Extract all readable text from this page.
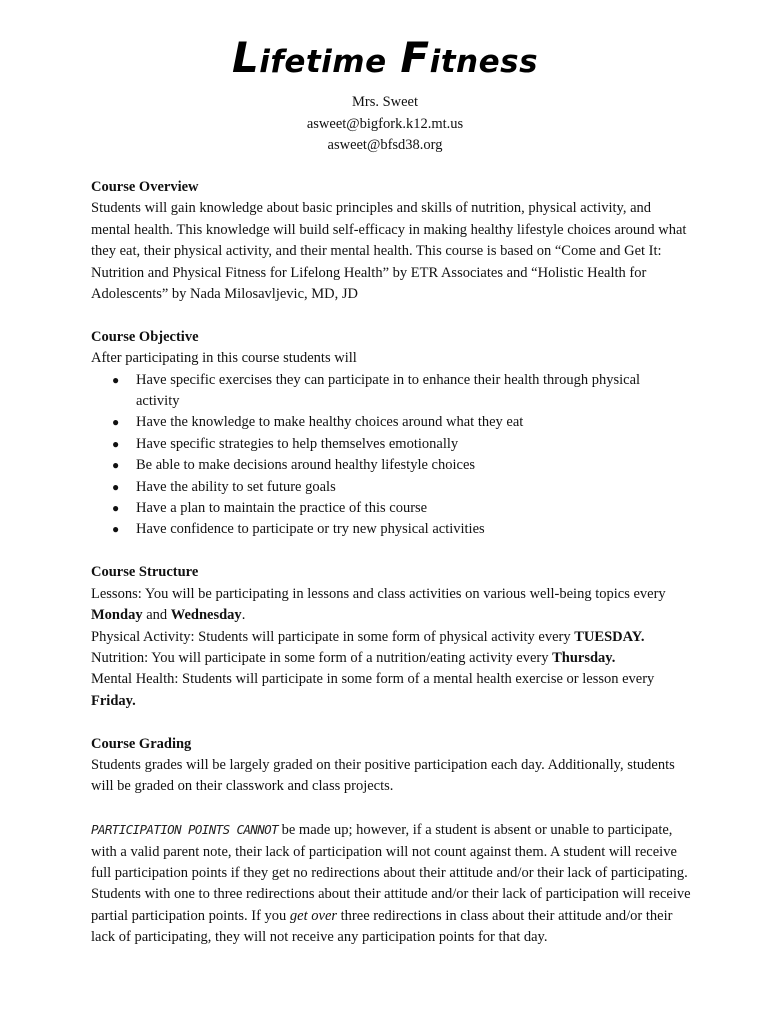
Lifetime Fitness
Mrs. Sweet
asweet@bigfork.k12.mt.us
asweet@bfsd38.org
Course Overview

Students will gain knowledge about basic principles and skills of nutrition, physical activity, and mental health. This knowledge will build self-efficacy in making healthy lifestyle choices around what they eat, their physical activity, and their mental health. This course is based on “Come and Get It: Nutrition and Physical Fitness for Lifelong Health” by ETR Associates and “Holistic Health for Adolescents” by Nada Milosavljevic, MD, JD

Course Objective
After participating in this course students will
● Have specific exercises they can participate in to enhance their health through physical activity
● Have the knowledge to make healthy choices around what they eat
● Have specific strategies to help themselves emotionally
● Be able to make decisions around healthy lifestyle choices
● Have the ability to set future goals
● Have a plan to maintain the practice of this course
● Have confidence to participate or try new physical activities
Course Structure
Lessons: You will be participating in lessons and class activities on various well-being topics every Monday and Wednesday.
Physical Activity: Students will participate in some form of physical activity every TUESDAY.
Nutrition: You will participate in some form of a nutrition/eating activity every Thursday.
Mental Health: Students will participate in some form of a mental health exercise or lesson every Friday.
Course Grading

Students grades will be largely graded on their positive participation each day. Additionally, students will be graded on their classwork and class projects.

PARTICIPATION POINTS CANNOT be made up; however, if a student is absent or unable to participate, with a valid parent note, their lack of participation will not count against them. A student will receive full participation points if they get no redirections about their attitude and/or their lack of participating. Students with one to three redirections about their attitude and/or their lack of participation will receive partial participation points. If you get over three redirections in class about their attitude and/or their lack of participating, they will not receive any participation points for that day.
